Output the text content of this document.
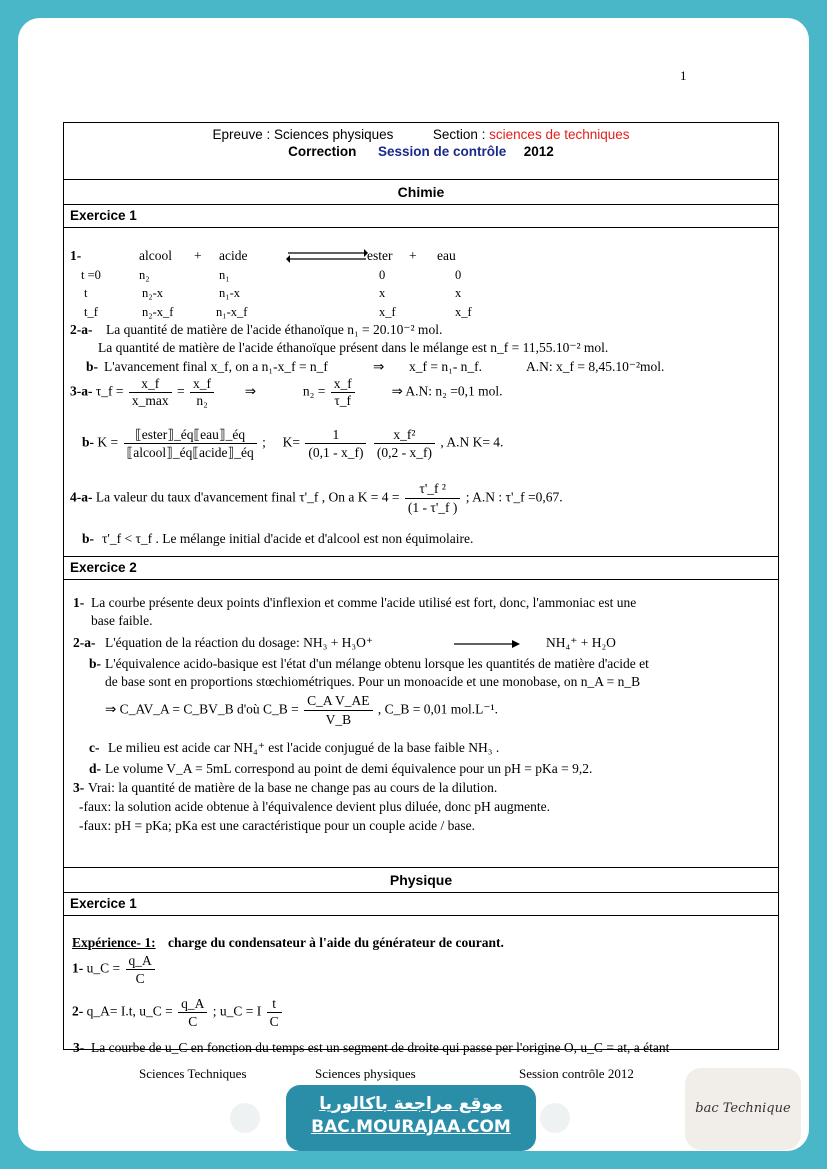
1
Epreuve : Sciences physiques	Section : sciences de techniques
Correction Session de contrôle 2012
Chimie
Exercice 1
1-	alcool + acide	ester + eau
t =0	n₂	n₁	0	0
t	n₂-x	n₁-x	x	x
t_f	n₂-x_f	n₁-x_f	x_f	x_f
2-a- La quantité de matière de l'acide éthanoïque n₁ = 20.10⁻² mol.
La quantité de matière de l'acide éthanoïque présent dans le mélange est n_f = 11,55.10⁻² mol.
b- L'avancement final x_f, on a n₁-x_f = n_f	⇒ x_f = n₁- n_f.	A.N: x_f = 8,45.10⁻²mol.
3-a- τ_f =
x_f
x_max
= $\frac{x\_f}{\text{n₂}}$ ⇒	$n_2 = \frac{x\_f}{\tau\_f}$	⇒ A.N: n₂ =0,1 mol.
b- K =
⟦ester⟧_éq⟦eau⟧_éq
⟦alcool⟧_éq⟦acide⟧_éq
; $K= \frac{1}{(0,1 - x\_f)}$
$\frac{\text{x\_f²}}{(0,2 - x\_f)}$ , A.N K= 4.
4-a- La valeur du taux d'avancement final τ'_f , On a $K = 4 = \frac{\text{τ'\_f ²}}{(1 - \tau'\_f )}$ ; A.N : τ'_f =0,67.
b- τ'_f < τ_f . Le mélange initial d'acide et d'alcool est non équimolaire.
Exercice 2
1- La courbe présente deux points d'inflexion et comme l'acide utilisé est fort, donc, l'ammoniac est une
base faible.
2-a- L'équation de la réaction du dosage: NH₃ + H₃O⁺	NH₄⁺ + H₂O
b- L'équivalence acido-basique est l'état d'un mélange obtenu lorsque les quantités de matière d'acide et
de base sont en proportions stœchiométriques. Pour un monoacide et une monobase, on n_A = n_B
⇒ C_AV_A = C_BV_B d'où C_B = $\frac{\text{C\_A V\_AE}}{V\_B}$ , C_B = 0,01 mol.L⁻¹.
c- Le milieu est acide car NH₄⁺ est l'acide conjugué de la base faible NH₃ .
d- Le volume V_A = 5mL correspond au point de demi équivalence pour un pH = pKa = 9,2.
3- Vrai: la quantité de matière de la base ne change pas au cours de la dilution.
-faux: la solution acide obtenue à l'équivalence devient plus diluée, donc pH augmente.
-faux: pH = pKa; pKa est une caractéristique pour un couple acide / base.
Physique
Exercice 1
Expérience- 1: charge du condensateur à l'aide du générateur de courant.
1- u_C = $\frac{q\_A}{C}$
2- q_A= I.t, u_C = $\frac{q\_A}{C}$ ; u_C = I $\frac{t}{C}$
3- La courbe de u_C en fonction du temps est un segment de droite qui passe per l'origine O, u_C = at, a étant
Sciences Techniques	Sciences physiques	Session contrôle 2012
موقع مراجعة باكالوريا
BAC.MOURAJAA.COM
bac Technique
